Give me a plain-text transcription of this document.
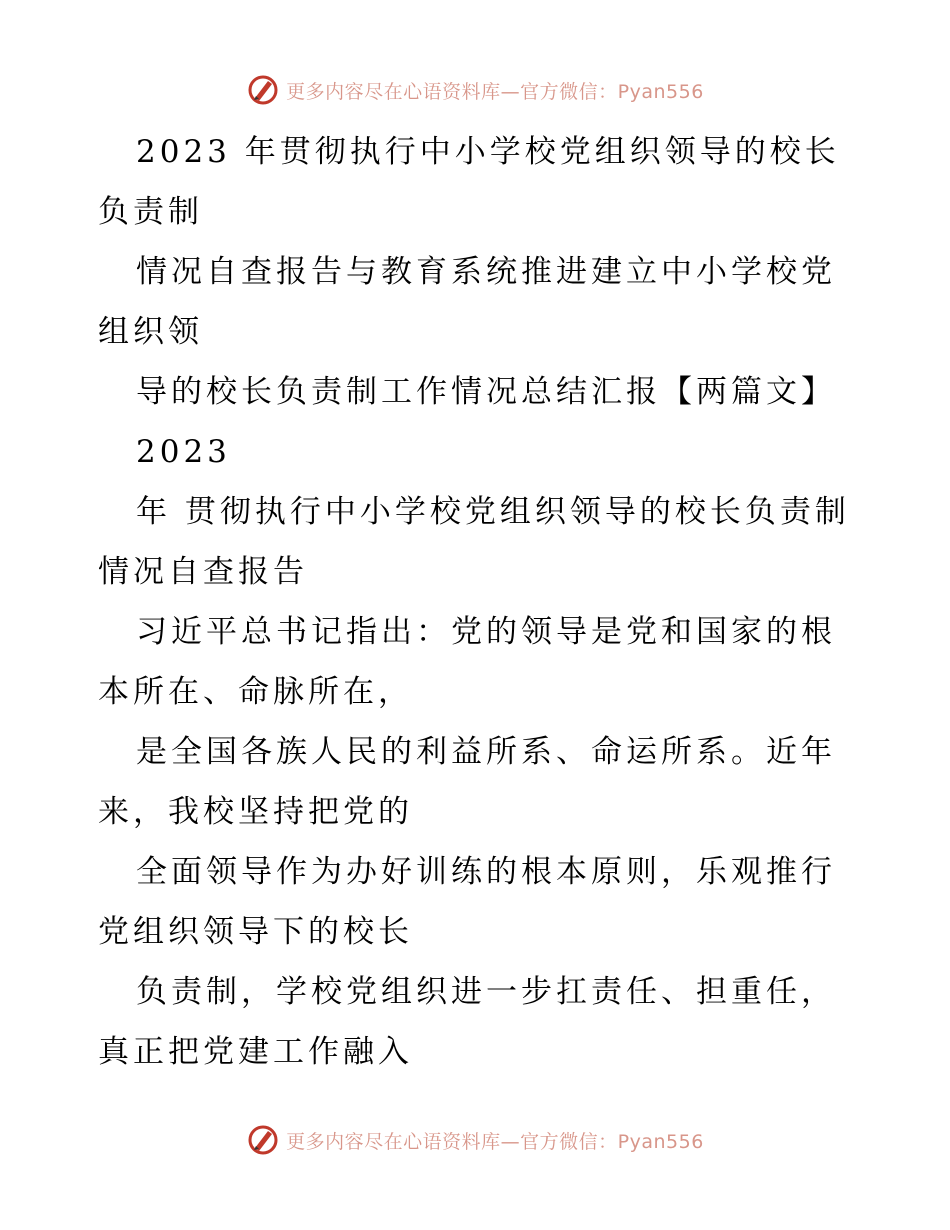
更多内容尽在心语资料库—官方微信：Pyan556

2023 年贯彻执行中小学校党组织领导的校长负责制

情况自查报告与教育系统推进建立中小学校党组织领

导的校长负责制工作情况总结汇报【两篇文】

2023

年 贯彻执行中小学校党组织领导的校长负责制情况自查报告

习近平总书记指出：党的领导是党和国家的根本所在、命脉所在，

是全国各族人民的利益所系、命运所系。近年来，我校坚持把党的

全面领导作为办好训练的根本原则，乐观推行党组织领导下的校长

负责制，学校党组织进一步扛责任、担重任，真正把党建工作融入

更多内容尽在心语资料库—官方微信：Pyan556
